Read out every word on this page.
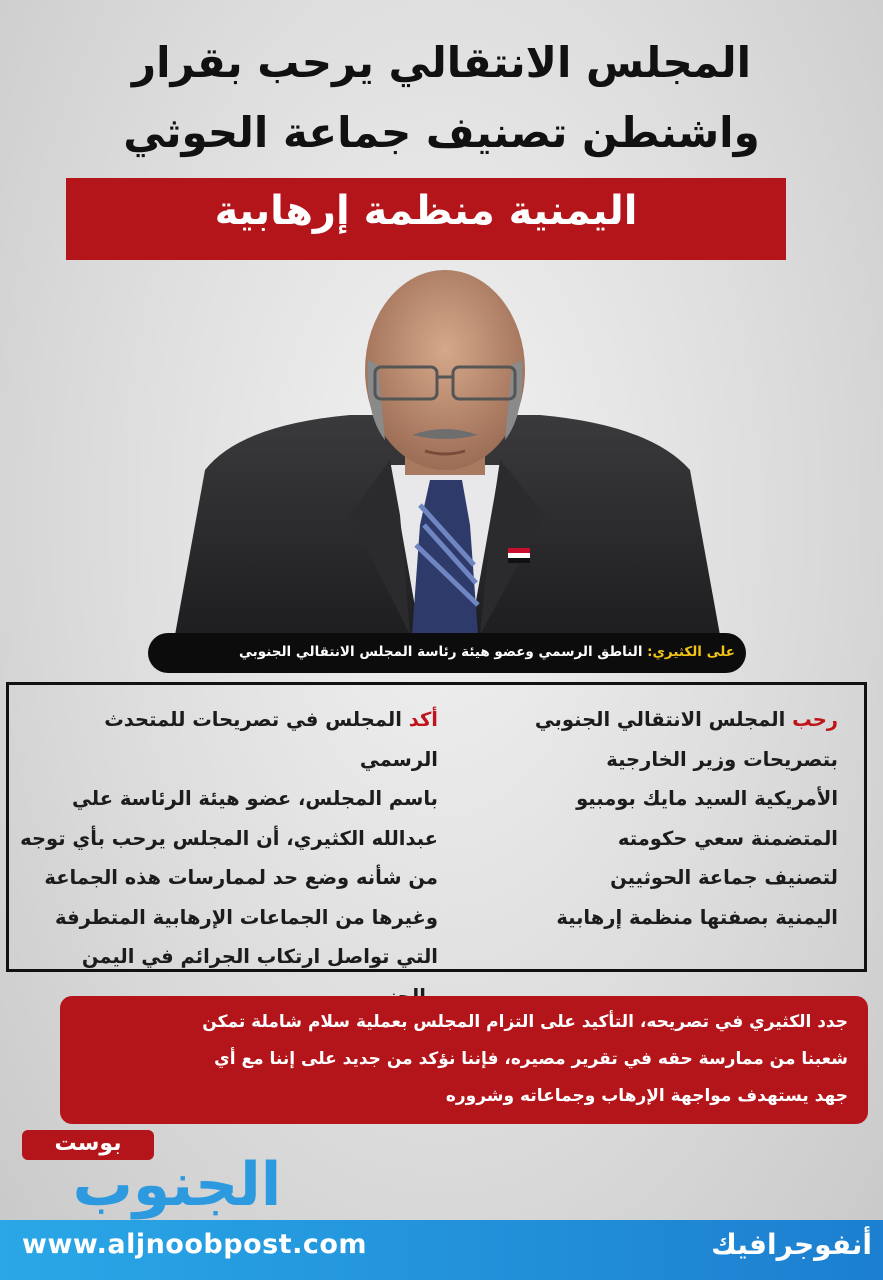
المجلس الانتقالي يرحب بقرار
واشنطن تصنيف جماعة الحوثي
اليمنية منظمة إرهابية
على الكثيري: الناطق الرسمي وعضو هيئة رئاسة المجلس الانتقالي الجنوبي
رحب المجلس الانتقالي الجنوبي
بتصريحات وزير الخارجية
الأمريكية السيد مايك بومبيو
المتضمنة سعي حكومته
لتصنيف جماعة الحوثيين
اليمنية بصفتها منظمة إرهابية
أكد المجلس في تصريحات للمتحدث الرسمي
باسم المجلس، عضو هيئة الرئاسة علي
عبدالله الكثيري، أن المجلس يرحب بأي توجه
من شأنه وضع حد لممارسات هذه الجماعة
وغيرها من الجماعات الإرهابية المتطرفة
التي تواصل ارتكاب الجرائم في اليمن
جدد الكثيري في تصريحه، التأكيد على التزام المجلس بعملية سلام شاملة تمكن
شعبنا من ممارسة حقه في تقرير مصيره، فإننا نؤكد من جديد على إننا مع أي
جهد يستهدف مواجهة الإرهاب وجماعاته وشروره
بوست
الجنوب
www.aljnoobpost.com	أنفوجرافيك
